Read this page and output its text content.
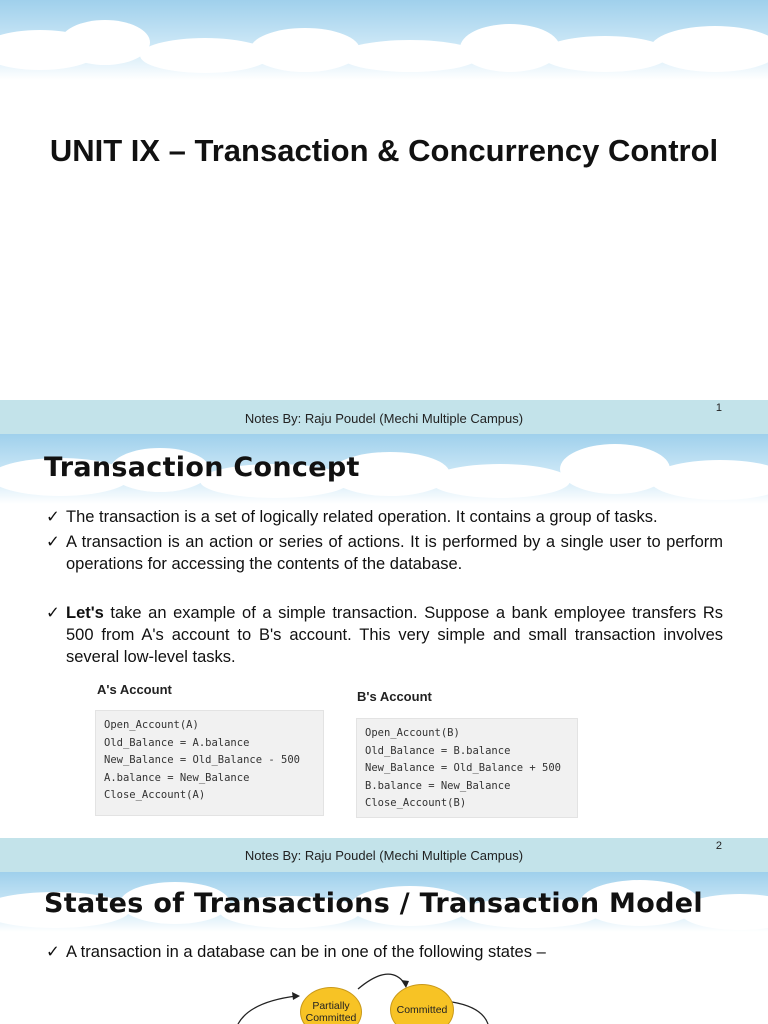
UNIT IX – Transaction & Concurrency Control
Notes By: Raju Poudel (Mechi Multiple Campus)
1
Transaction Concept
✓ The transaction is a set of logically related operation. It contains a group of tasks.
✓ A transaction is an action or series of actions. It is performed by a single user to perform operations for accessing the contents of the database.
✓ Let's take an example of a simple transaction. Suppose a bank employee transfers Rs 500 from A's account to B's account. This very simple and small transaction involves several low-level tasks.
A's Account
Open_Account(A)
Old_Balance = A.balance
New_Balance = Old_Balance - 500
A.balance = New_Balance
Close_Account(A)
B's Account
Open_Account(B)
Old_Balance = B.balance
New_Balance = Old_Balance + 500
B.balance = New_Balance
Close_Account(B)
Notes By: Raju Poudel (Mechi Multiple Campus)
2
States of Transactions / Transaction Model
✓ A transaction in a database can be in one of the following states –
Partially Committed
Committed
